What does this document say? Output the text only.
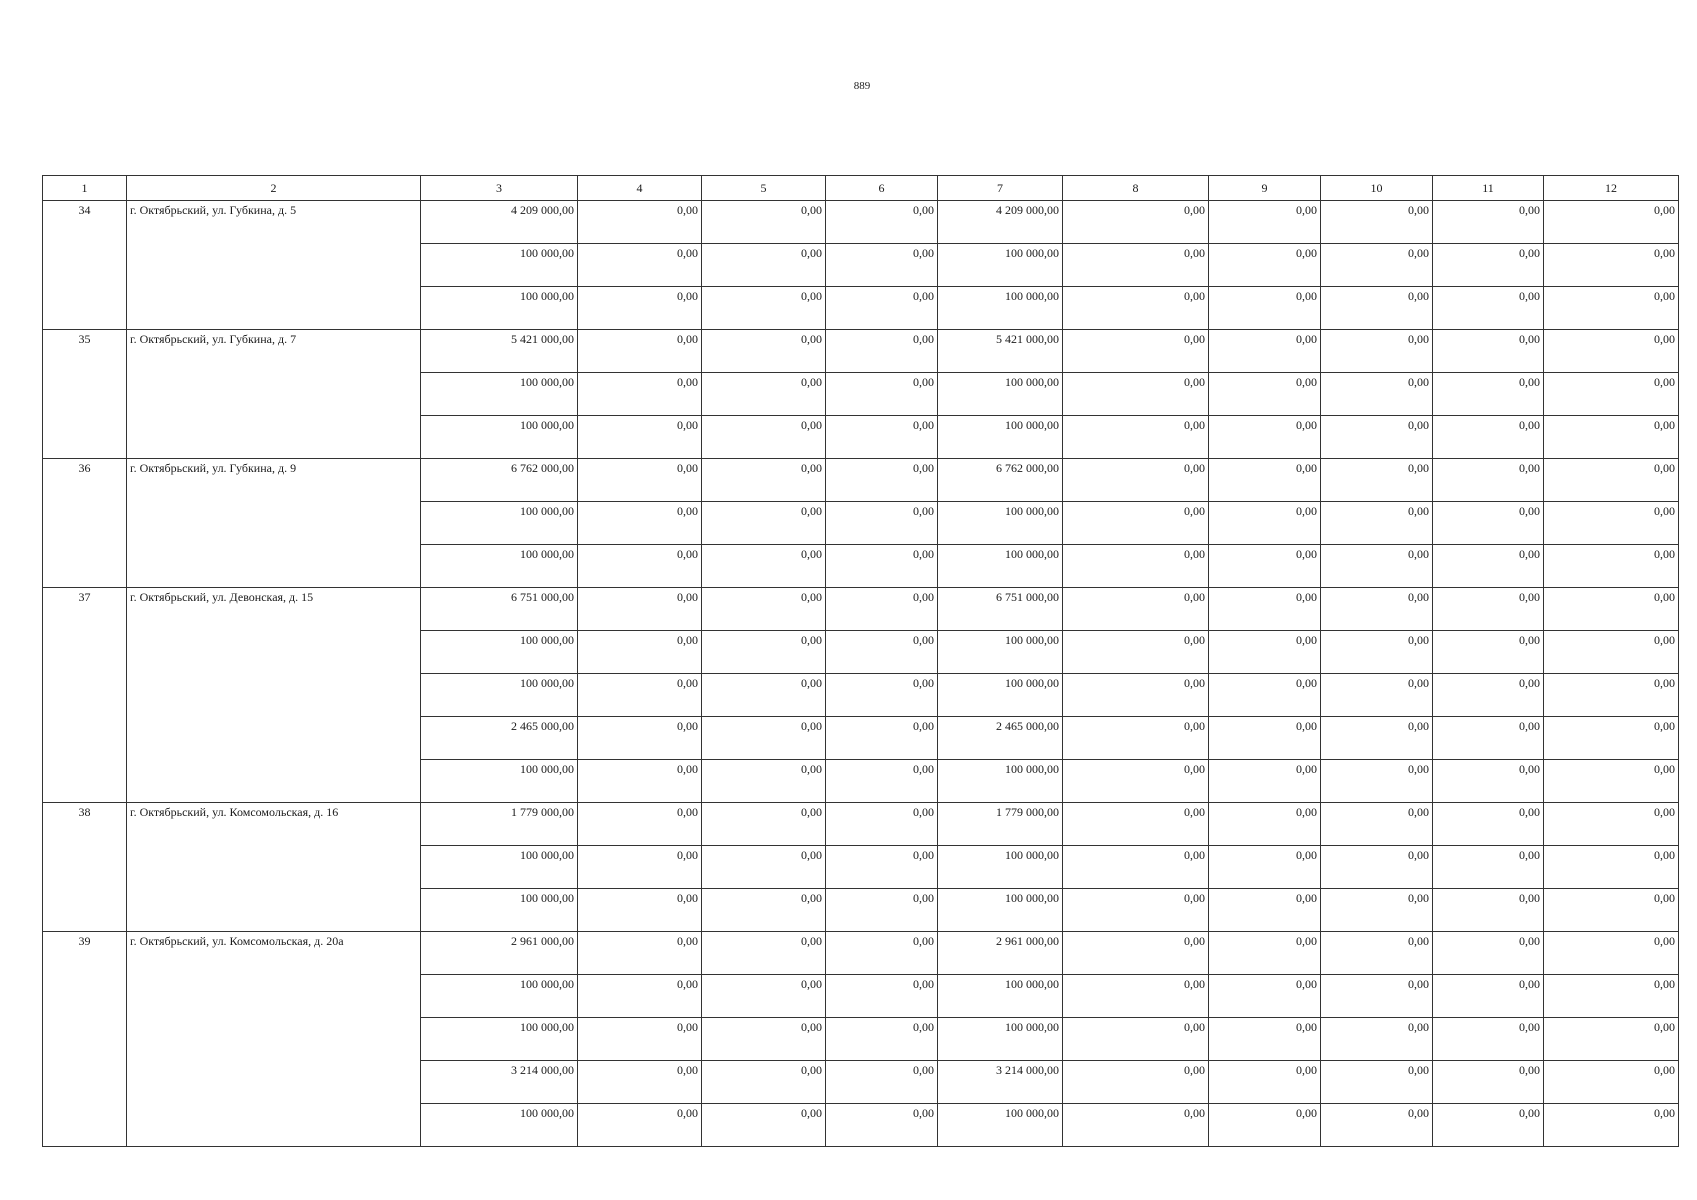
889
1	2	3	4	5	6	7	8	9	10	11	12
34	г. Октябрьский, ул. Губкина, д. 5	4 209 000,00	0,00	0,00	0,00	4 209 000,00	0,00	0,00	0,00	0,00	0,00
		100 000,00	0,00	0,00	0,00	100 000,00	0,00	0,00	0,00	0,00	0,00
		100 000,00	0,00	0,00	0,00	100 000,00	0,00	0,00	0,00	0,00	0,00
35	г. Октябрьский, ул. Губкина, д. 7	5 421 000,00	0,00	0,00	0,00	5 421 000,00	0,00	0,00	0,00	0,00	0,00
		100 000,00	0,00	0,00	0,00	100 000,00	0,00	0,00	0,00	0,00	0,00
		100 000,00	0,00	0,00	0,00	100 000,00	0,00	0,00	0,00	0,00	0,00
36	г. Октябрьский, ул. Губкина, д. 9	6 762 000,00	0,00	0,00	0,00	6 762 000,00	0,00	0,00	0,00	0,00	0,00
		100 000,00	0,00	0,00	0,00	100 000,00	0,00	0,00	0,00	0,00	0,00
		100 000,00	0,00	0,00	0,00	100 000,00	0,00	0,00	0,00	0,00	0,00
37	г. Октябрьский, ул. Девонская, д. 15	6 751 000,00	0,00	0,00	0,00	6 751 000,00	0,00	0,00	0,00	0,00	0,00
		100 000,00	0,00	0,00	0,00	100 000,00	0,00	0,00	0,00	0,00	0,00
		100 000,00	0,00	0,00	0,00	100 000,00	0,00	0,00	0,00	0,00	0,00
		2 465 000,00	0,00	0,00	0,00	2 465 000,00	0,00	0,00	0,00	0,00	0,00
		100 000,00	0,00	0,00	0,00	100 000,00	0,00	0,00	0,00	0,00	0,00
38	г. Октябрьский, ул. Комсомольская, д. 16	1 779 000,00	0,00	0,00	0,00	1 779 000,00	0,00	0,00	0,00	0,00	0,00
		100 000,00	0,00	0,00	0,00	100 000,00	0,00	0,00	0,00	0,00	0,00
		100 000,00	0,00	0,00	0,00	100 000,00	0,00	0,00	0,00	0,00	0,00
39	г. Октябрьский, ул. Комсомольская, д. 20а	2 961 000,00	0,00	0,00	0,00	2 961 000,00	0,00	0,00	0,00	0,00	0,00
		100 000,00	0,00	0,00	0,00	100 000,00	0,00	0,00	0,00	0,00	0,00
		100 000,00	0,00	0,00	0,00	100 000,00	0,00	0,00	0,00	0,00	0,00
		3 214 000,00	0,00	0,00	0,00	3 214 000,00	0,00	0,00	0,00	0,00	0,00
		100 000,00	0,00	0,00	0,00	100 000,00	0,00	0,00	0,00	0,00	0,00
